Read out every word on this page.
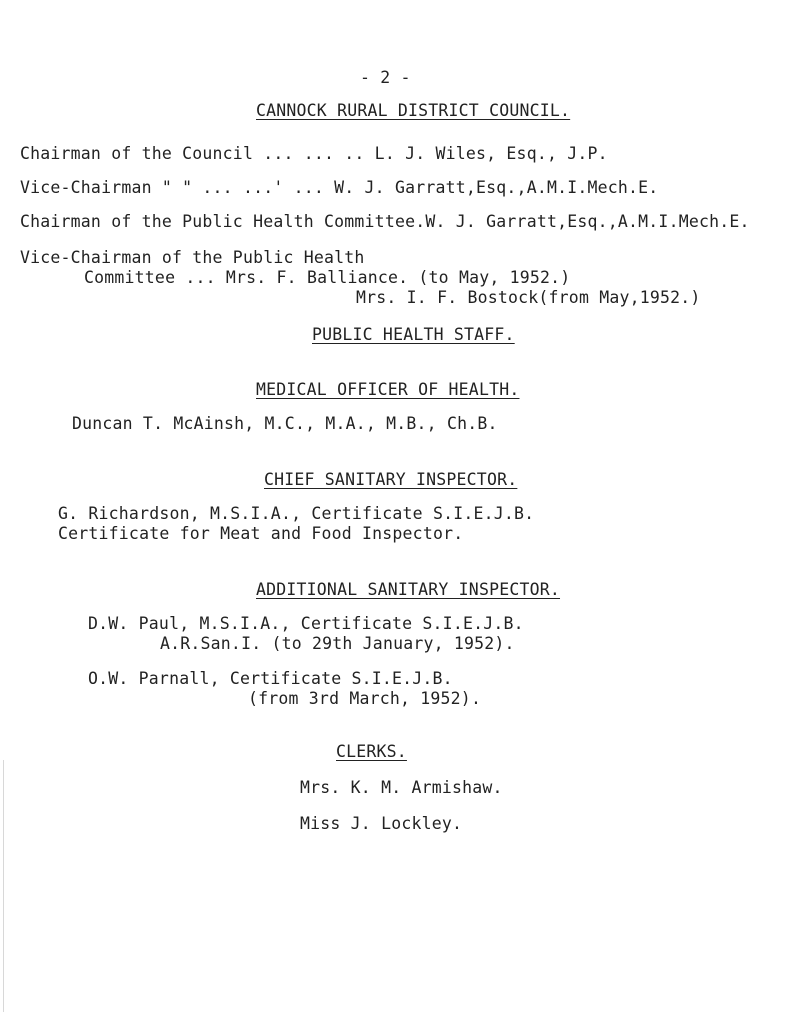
- 2 -
CANNOCK RURAL DISTRICT COUNCIL.
Chairman of the Council ... ... .. L. J. Wiles, Esq., J.P.
Vice-Chairman " " ... ...' ... W. J. Garratt,Esq.,A.M.I.Mech.E.
Chairman of the Public Health Committee.W. J. Garratt,Esq.,A.M.I.Mech.E.
Vice-Chairman of the Public Health
Committee ... Mrs. F. Balliance. (to May, 1952.)
Mrs. I. F. Bostock(from May,1952.)
PUBLIC HEALTH STAFF.
MEDICAL OFFICER OF HEALTH.
Duncan T. McAinsh, M.C., M.A., M.B., Ch.B.
CHIEF SANITARY INSPECTOR.
G. Richardson, M.S.I.A., Certificate S.I.E.J.B.
Certificate for Meat and Food Inspector.
ADDITIONAL SANITARY INSPECTOR.
D.W. Paul, M.S.I.A., Certificate S.I.E.J.B.
A.R.San.I. (to 29th January, 1952).
O.W. Parnall, Certificate S.I.E.J.B.
(from 3rd March, 1952).
CLERKS.
Mrs. K. M. Armishaw.
Miss J. Lockley.
